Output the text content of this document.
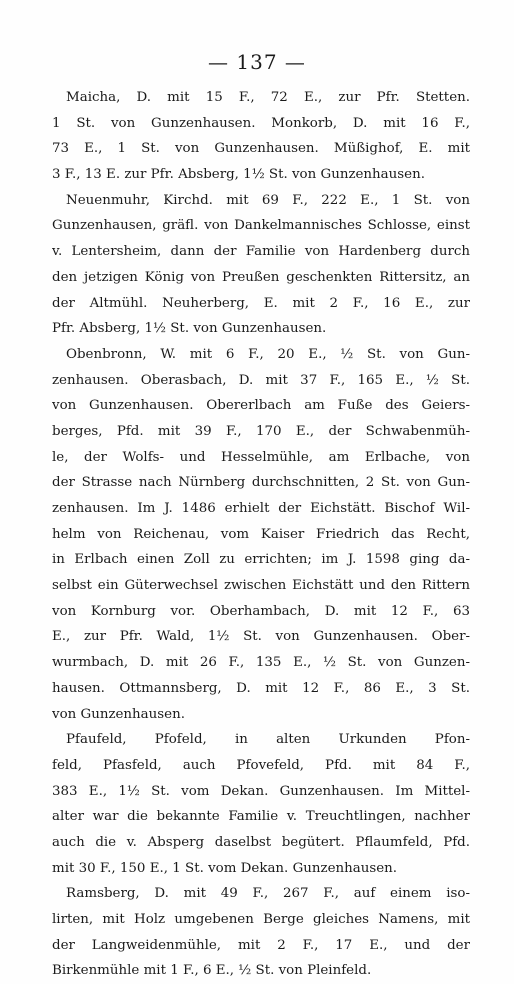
— 137 —
Maicha, D. mit 15 F., 72 E., zur Pfr. Stetten.
1 St. von Gunzenhausen. Monkorb, D. mit 16 F.,
73 E., 1 St. von Gunzenhausen. Müßighof, E. mit
3 F., 13 E. zur Pfr. Absberg, 1½ St. von Gunzenhausen.
Neuenmuhr, Kirchd. mit 69 F., 222 E., 1 St. von
Gunzenhausen, gräfl. von Dankelmannisches Schlosse, einst
v. Lentersheim, dann der Familie von Hardenberg durch
den jetzigen König von Preußen geschenkten Rittersitz, an
der Altmühl. Neuherberg, E. mit 2 F., 16 E., zur
Pfr. Absberg, 1½ St. von Gunzenhausen.
Obenbronn, W. mit 6 F., 20 E., ½ St. von Gun-
zenhausen. Oberasbach, D. mit 37 F., 165 E., ½ St.
von Gunzenhausen. Obererlbach am Fuße des Geiers-
berges, Pfd. mit 39 F., 170 E., der Schwabenmüh-
le, der Wolfs- und Hesselmühle, am Erlbache, von
der Strasse nach Nürnberg durchschnitten, 2 St. von Gun-
zenhausen. Im J. 1486 erhielt der Eichstätt. Bischof Wil-
helm von Reichenau, vom Kaiser Friedrich das Recht,
in Erlbach einen Zoll zu errichten; im J. 1598 ging da-
selbst ein Güterwechsel zwischen Eichstätt und den Rittern
von Kornburg vor. Oberhambach, D. mit 12 F., 63
E., zur Pfr. Wald, 1½ St. von Gunzenhausen. Ober-
wurmbach, D. mit 26 F., 135 E., ½ St. von Gunzen-
hausen. Ottmannsberg, D. mit 12 F., 86 E., 3 St.
von Gunzenhausen.
Pfaufeld, Pfofeld, in alten Urkunden Pfon-
feld, Pfasfeld, auch Pfovefeld, Pfd. mit 84 F.,
383 E., 1½ St. vom Dekan. Gunzenhausen. Im Mittel-
alter war die bekannte Familie v. Treuchtlingen, nachher
auch die v. Absperg daselbst begütert. Pflaumfeld, Pfd.
mit 30 F., 150 E., 1 St. vom Dekan. Gunzenhausen.
Ramsberg, D. mit 49 F., 267 F., auf einem iso-
lirten, mit Holz umgebenen Berge gleiches Namens, mit
der Langweidenmühle, mit 2 F., 17 E., und der
Birkenmühle mit 1 F., 6 E., ½ St. von Pleinfeld.
